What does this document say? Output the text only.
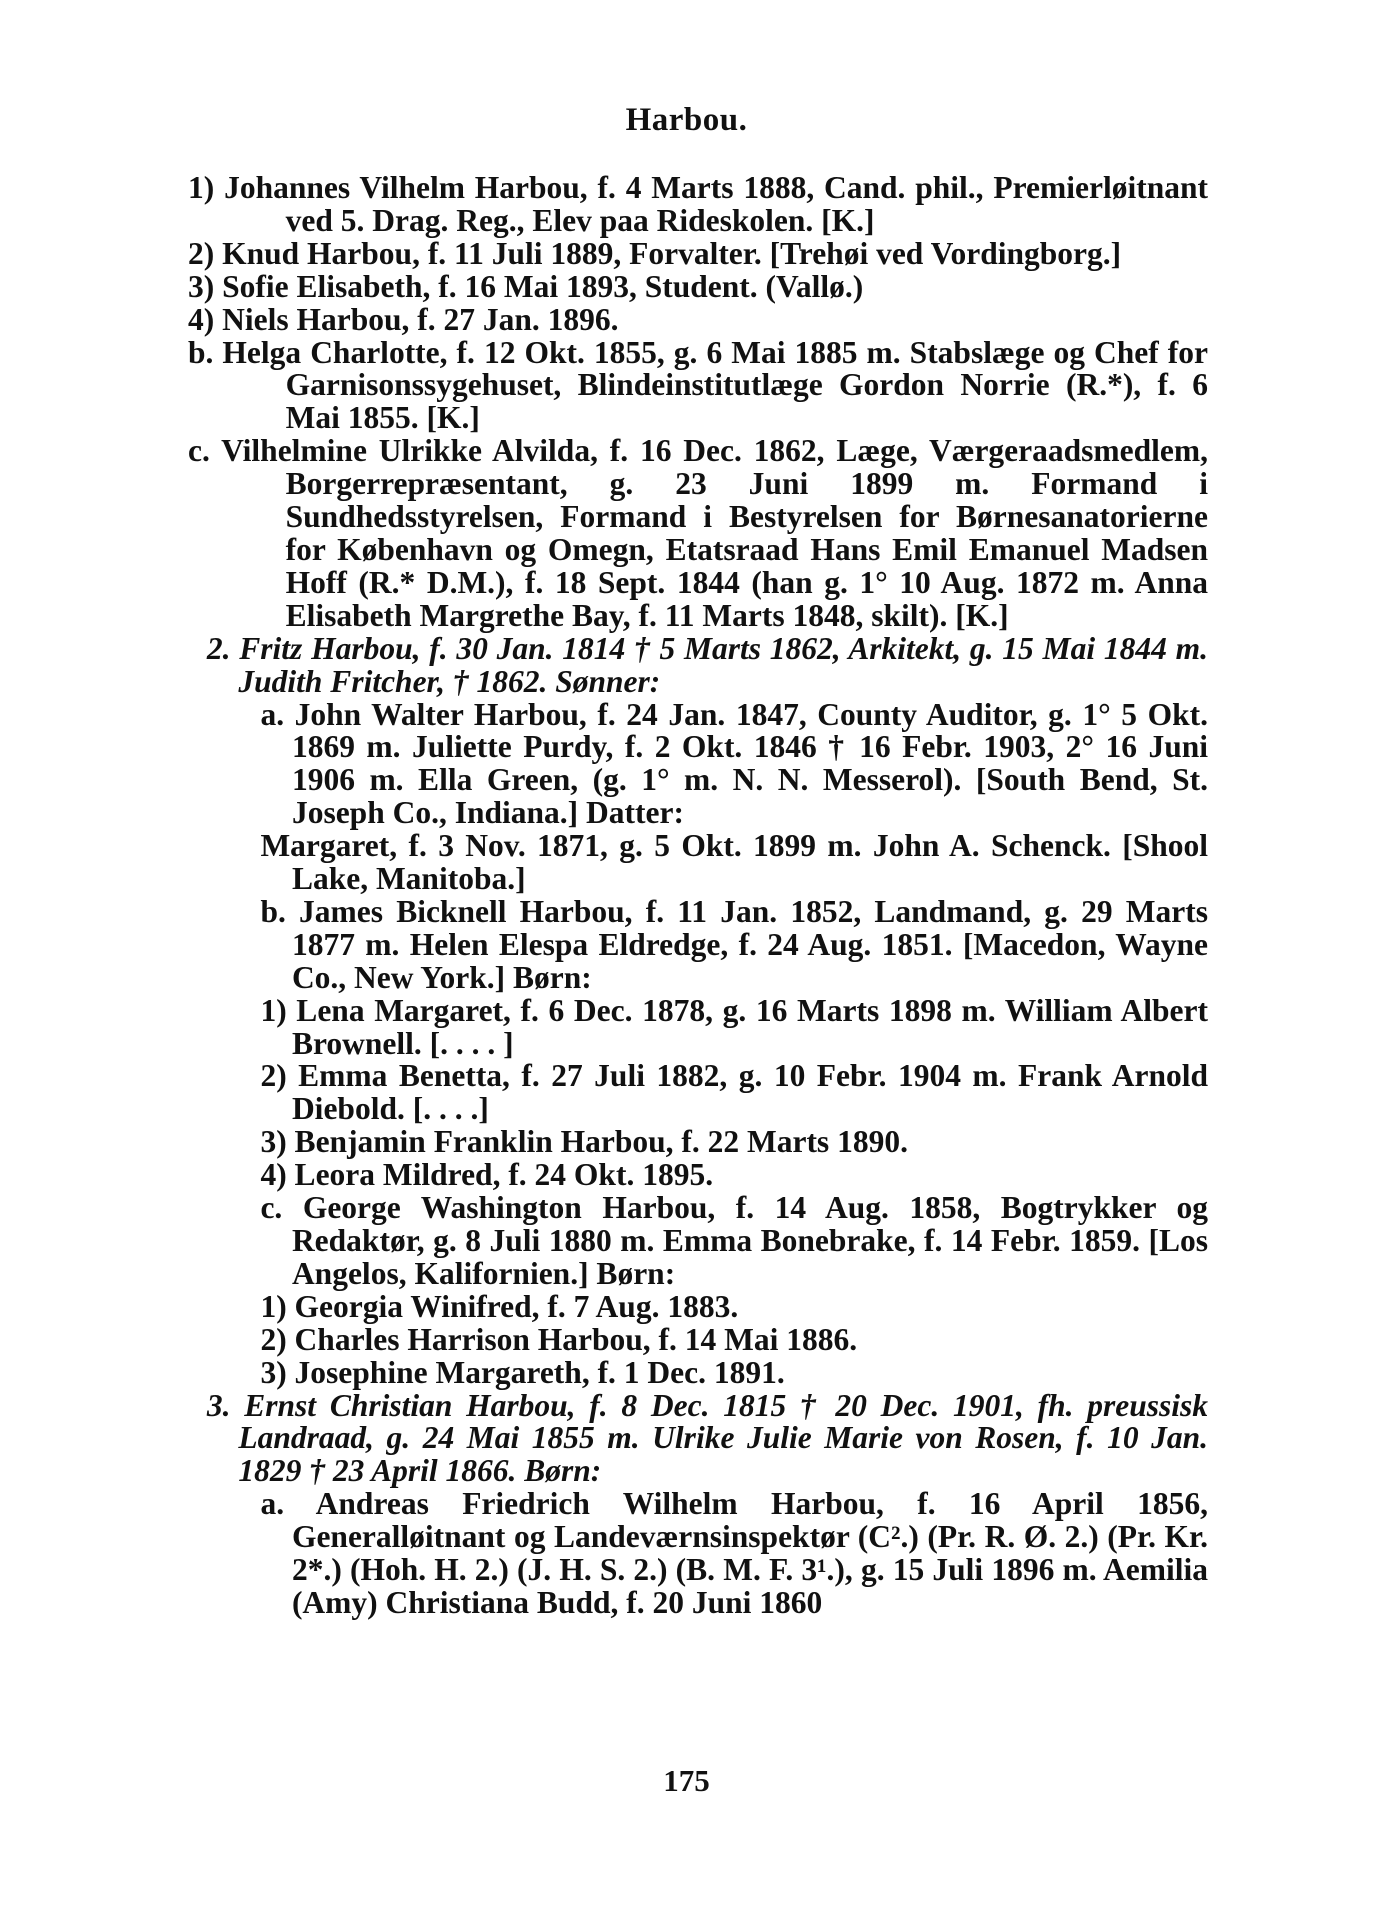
Harbou.

1) Johannes Vilhelm Harbou, f. 4 Marts 1888, Cand. phil., Premierløitnant ved 5. Drag. Reg., Elev paa Rideskolen. [K.]

2) Knud Harbou, f. 11 Juli 1889, Forvalter. [Trehøi ved Vordingborg.]

3) Sofie Elisabeth, f. 16 Mai 1893, Student. (Vallø.)

4) Niels Harbou, f. 27 Jan. 1896.

b. Helga Charlotte, f. 12 Okt. 1855, g. 6 Mai 1885 m. Stabslæge og Chef for Garnisonssygehuset, Blindeinstitutlæge Gordon Norrie (R.*), f. 6 Mai 1855. [K.]

c. Vilhelmine Ulrikke Alvilda, f. 16 Dec. 1862, Læge, Værgeraadsmedlem, Borgerrepræsentant, g. 23 Juni 1899 m. Formand i Sundhedsstyrelsen, Formand i Bestyrelsen for Børnesanatorierne for København og Omegn, Etatsraad Hans Emil Emanuel Madsen Hoff (R.* D.M.), f. 18 Sept. 1844 (han g. 1° 10 Aug. 1872 m. Anna Elisabeth Margrethe Bay, f. 11 Marts 1848, skilt). [K.]

2. Fritz Harbou, f. 30 Jan. 1814 † 5 Marts 1862, Arkitekt, g. 15 Mai 1844 m. Judith Fritcher, † 1862. Sønner:

a. John Walter Harbou, f. 24 Jan. 1847, County Auditor, g. 1° 5 Okt. 1869 m. Juliette Purdy, f. 2 Okt. 1846 † 16 Febr. 1903, 2° 16 Juni 1906 m. Ella Green, (g. 1° m. N. N. Messerol). [South Bend, St. Joseph Co., Indiana.] Datter:

Margaret, f. 3 Nov. 1871, g. 5 Okt. 1899 m. John A. Schenck. [Shool Lake, Manitoba.]

b. James Bicknell Harbou, f. 11 Jan. 1852, Landmand, g. 29 Marts 1877 m. Helen Elespa Eldredge, f. 24 Aug. 1851. [Macedon, Wayne Co., New York.] Børn:

1) Lena Margaret, f. 6 Dec. 1878, g. 16 Marts 1898 m. William Albert Brownell. [. . . . ]

2) Emma Benetta, f. 27 Juli 1882, g. 10 Febr. 1904 m. Frank Arnold Diebold. [. . . .]

3) Benjamin Franklin Harbou, f. 22 Marts 1890.

4) Leora Mildred, f. 24 Okt. 1895.

c. George Washington Harbou, f. 14 Aug. 1858, Bogtrykker og Redaktør, g. 8 Juli 1880 m. Emma Bonebrake, f. 14 Febr. 1859. [Los Angelos, Kalifornien.] Børn:

1) Georgia Winifred, f. 7 Aug. 1883.

2) Charles Harrison Harbou, f. 14 Mai 1886.

3) Josephine Margareth, f. 1 Dec. 1891.

3. Ernst Christian Harbou, f. 8 Dec. 1815 † 20 Dec. 1901, fh. preussisk Landraad, g. 24 Mai 1855 m. Ulrike Julie Marie von Rosen, f. 10 Jan. 1829 † 23 April 1866. Børn:

a. Andreas Friedrich Wilhelm Harbou, f. 16 April 1856, Generalløitnant og Landeværnsinspektør (C².) (Pr. R. Ø. 2.) (Pr. Kr. 2*.) (Hoh. H. 2.) (J. H. S. 2.) (B. M. F. 3¹.), g. 15 Juli 1896 m. Aemilia (Amy) Christiana Budd, f. 20 Juni 1860

175
